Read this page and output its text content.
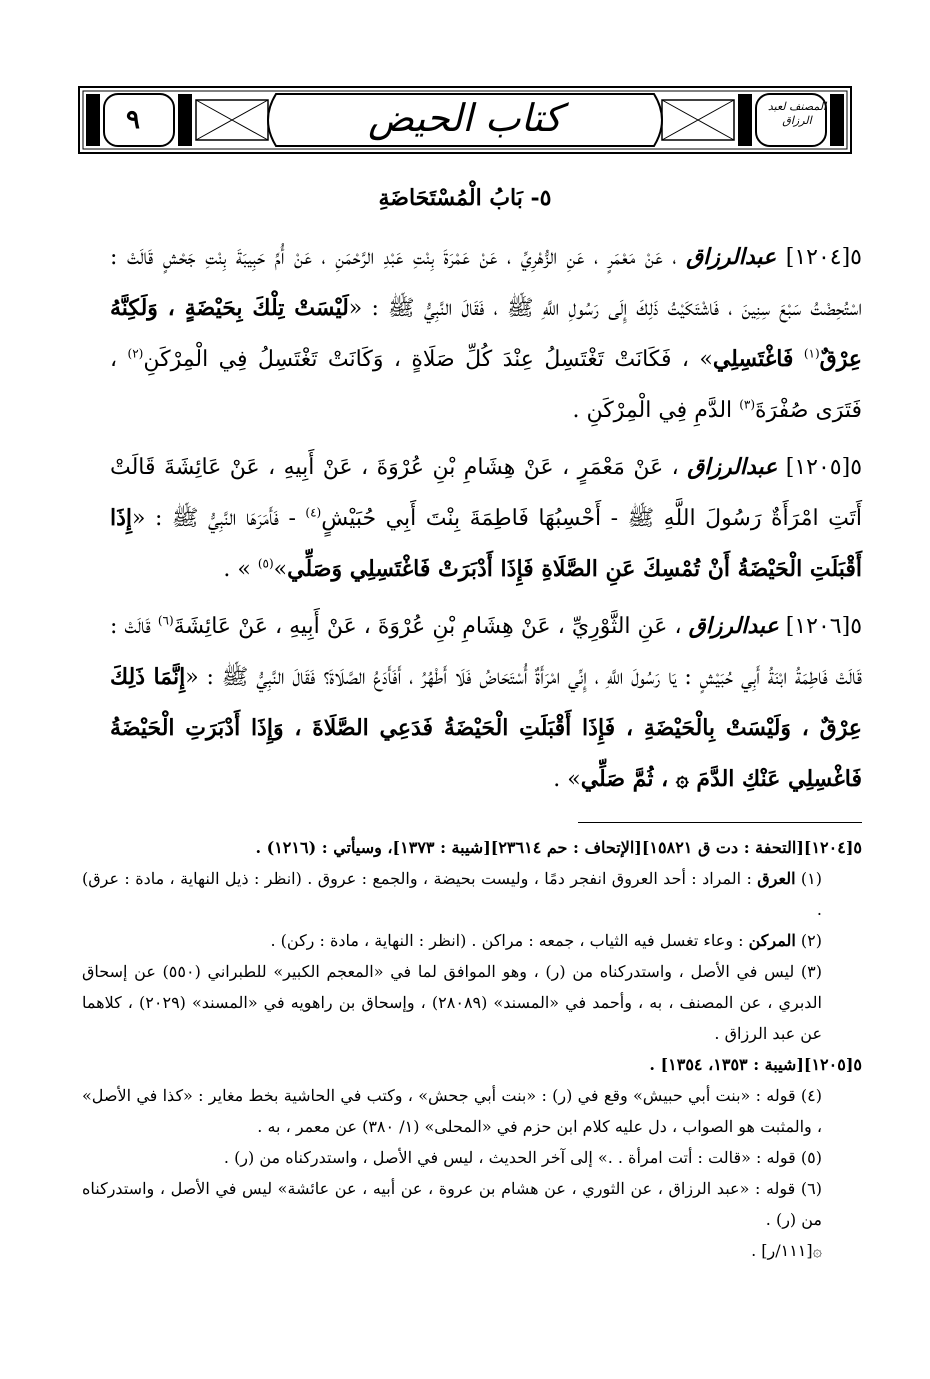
٩	كتاب الحيض	المصنف لعبد الرزاق
٥- بَابُ الْمُسْتَحَاضَةِ

٥[١٢٠٤] عبدالرزاق ، عَنْ مَعْمَرٍ ، عَنِ الزُّهْرِيِّ ، عَنْ عَمْرَةَ بِنْتِ عَبْدِ الرَّحْمَنِ ، عَنْ أُمِّ حَبِيبَةَ بِنْتِ جَحْشٍ قَالَتْ : اسْتُحِضْتُ سَبْعَ سِنِينَ ، فَاشْتَكَيْتُ ذَلِكَ إِلَى رَسُولِ اللَّهِ ﷺ ، فَقَالَ النَّبِيُّ ﷺ : «لَيْسَتْ تِلْكَ بِحَيْضَةٍ ، وَلَكِنَّهُ عِرْقٌ$^{(١)}$ فَاغْتَسِلِي» ، فَكَانَتْ تَغْتَسِلُ عِنْدَ كُلِّ صَلَاةٍ ، وَكَانَتْ تَغْتَسِلُ فِي الْمِرْكَنِ$^{(٢)}$ ، فَتَرَى صُفْرَةَ$^{(٣)}$ الدَّمِ فِي الْمِرْكَنِ .

٥[١٢٠٥] عبدالرزاق ، عَنْ مَعْمَرٍ ، عَنْ هِشَامِ بْنِ عُرْوَةَ ، عَنْ أَبِيهِ ، عَنْ عَائِشَةَ قَالَتْ أَتَتِ امْرَأَةٌ رَسُولَ اللَّهِ ﷺ - أَحْسِبُهَا فَاطِمَةَ بِنْتَ أَبِي حُبَيْشٍ$^{(٤)}$ - فَأَمَرَهَا النَّبِيُّ ﷺ : «إِذَا أَقْبَلَتِ الْحَيْضَةُ أَنْ تُمْسِكَ عَنِ الصَّلَاةِ فَإِذَا أَدْبَرَتْ فَاغْتَسِلِي وَصَلِّي»$^{(٥)}$ » .

٥[١٢٠٦] عبدالرزاق ، عَنِ الثَّوْرِيِّ ، عَنْ هِشَامِ بْنِ عُرْوَةَ ، عَنْ أَبِيهِ ، عَنْ عَائِشَةَ$^{(٦)}$ قَالَتْ : قَالَتْ فَاطِمَةُ ابْنَةُ أَبِي حُبَيْشٍ : يَا رَسُولَ اللَّهِ ، إِنِّي امْرَأَةٌ أُسْتَحَاضُ فَلَا أَطْهُرُ ، أَفَأَدَعُ الصَّلَاةَ؟ فَقَالَ النَّبِيُّ ﷺ : «إِنَّمَا ذَلِكَ عِرْقٌ ، وَلَيْسَتْ بِالْحَيْضَةِ ، فَإِذَا أَقْبَلَتِ الْحَيْضَةُ فَدَعِي الصَّلَاةَ ، وَإِذَا أَدْبَرَتِ الْحَيْضَةُ فَاغْسِلِي عَنْكِ الدَّمَ ۞ ، ثُمَّ صَلِّي» .

٥[١٢٠٤][التحفة : دت ق ١٥٨٢١][الإتحاف : حم ٢٣٦١٤][شيبة : ١٣٧٣]، وسيأتي : (١٢١٦) .

(١) العرق : المراد : أحد العروق انفجر دمًا ، وليست بحيضة ، والجمع : عروق . (انظر : ذيل النهاية ، مادة : عرق) .

(٢) المركن : وعاء تغسل فيه الثياب ، جمعه : مراكن . (انظر : النهاية ، مادة : ركن) .

(٣) ليس في الأصل ، واستدركناه من (ر) ، وهو الموافق لما في «المعجم الكبير» للطبراني (٥٥٠) عن إسحاق الدبري ، عن المصنف ، به ، وأحمد في «المسند» (٢٨٠٨٩) ، وإسحاق بن راهويه في «المسند» (٢٠٢٩) ، كلاهما عن عبد الرزاق .

٥[١٢٠٥][شيبة : ١٣٥٣، ١٣٥٤] .

(٤) قوله : «بنت أبي حبيش» وقع في (ر) : «بنت أبي جحش» ، وكتب في الحاشية بخط مغاير : «كذا في الأصل» ، والمثبت هو الصواب ، دل عليه كلام ابن حزم في «المحلى» (١/ ٣٨٠) عن معمر ، به .

(٥) قوله : «قالت : أتت امرأة . .» إلى آخر الحديث ، ليس في الأصل ، واستدركناه من (ر) .

(٦) قوله : «عبد الرزاق ، عن الثوري ، عن هشام بن عروة ، عن أبيه ، عن عائشة» ليس في الأصل ، واستدركناه من (ر) .

۞[١١١/ر] .
